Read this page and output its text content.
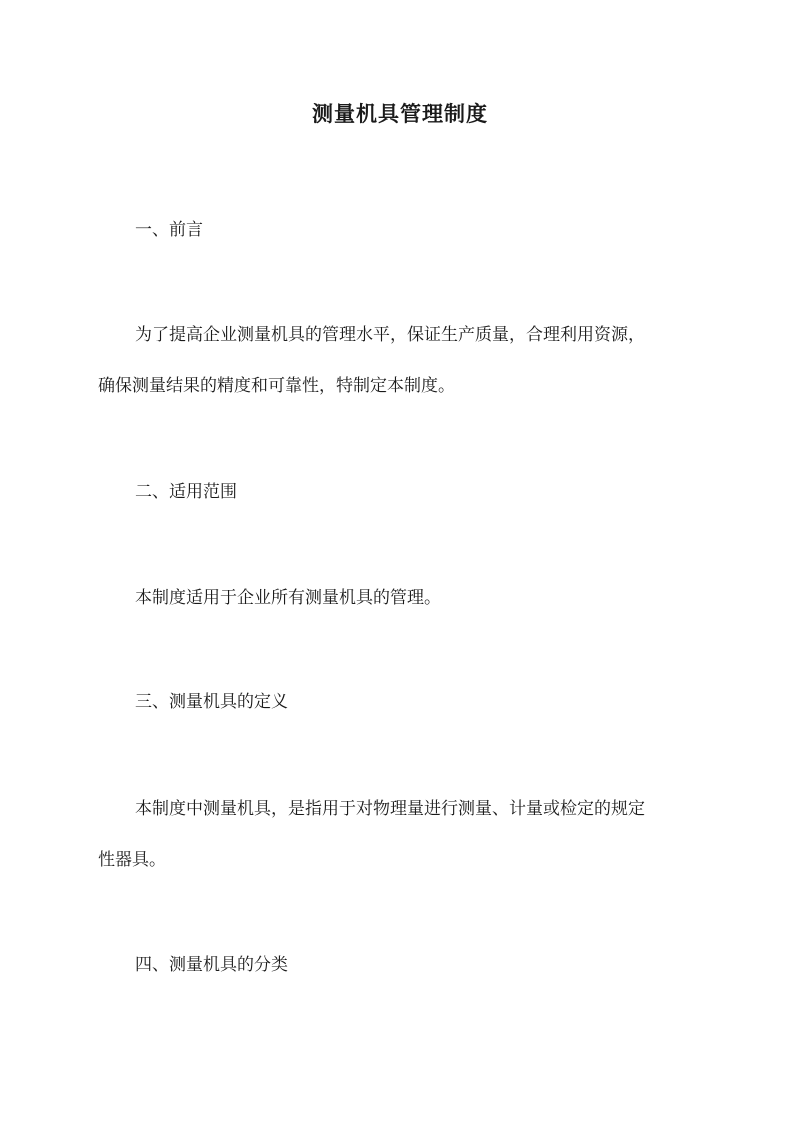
测量机具管理制度

一、前言

为了提高企业测量机具的管理水平，保证生产质量，合理利用资源，

确保测量结果的精度和可靠性，特制定本制度。

二、适用范围

本制度适用于企业所有测量机具的管理。

三、测量机具的定义

本制度中测量机具，是指用于对物理量进行测量、计量或检定的规定

性器具。

四、测量机具的分类
